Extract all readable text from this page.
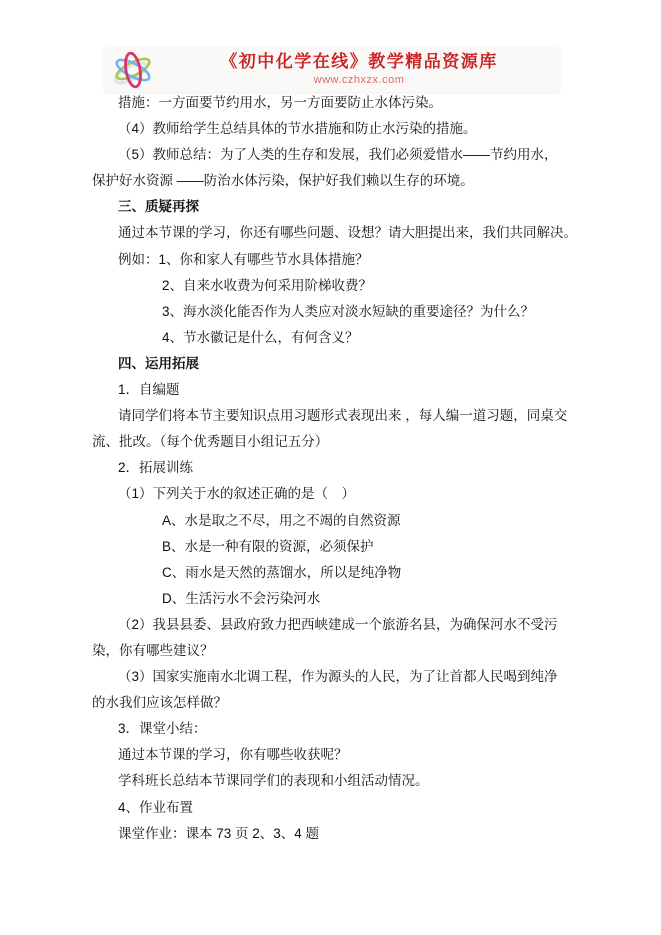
《初中化学在线》教学精品资源库
www.czhxzx.com
措施：一方面要节约用水，另一方面要防止水体污染。
（4）教师给学生总结具体的节水措施和防止水污染的措施。
（5）教师总结：为了人类的生存和发展，我们必须爱惜水――节约用水，
保护好水资源 ――防治水体污染，保护好我们赖以生存的环境。
三、质疑再探
通过本节课的学习，你还有哪些问题、设想？请大胆提出来，我们共同解决。
例如：1、你和家人有哪些节水具体措施？
2、自来水收费为何采用阶梯收费？
3、海水淡化能否作为人类应对淡水短缺的重要途径？为什么？
4、节水徽记是什么，有何含义？
四、运用拓展
1．自编题
请同学们将本节主要知识点用习题形式表现出来 ，每人编一道习题，同桌交
流、批改。（每个优秀题目小组记五分）
2．拓展训练
（1）下列关于水的叙述正确的是（　）
A、水是取之不尽，用之不竭的自然资源
B、水是一种有限的资源，必须保护
C、雨水是天然的蒸馏水，所以是纯净物
D、生活污水不会污染河水
（2）我县县委、县政府致力把西峡建成一个旅游名县，为确保河水不受污
染，你有哪些建议？
（3）国家实施南水北调工程，作为源头的人民，为了让首都人民喝到纯净
的水我们应该怎样做？
3．课堂小结：
通过本节课的学习，你有哪些收获呢？
学科班长总结本节课同学们的表现和小组活动情况。
4、作业布置
课堂作业：课本 73 页 2、3、4 题
